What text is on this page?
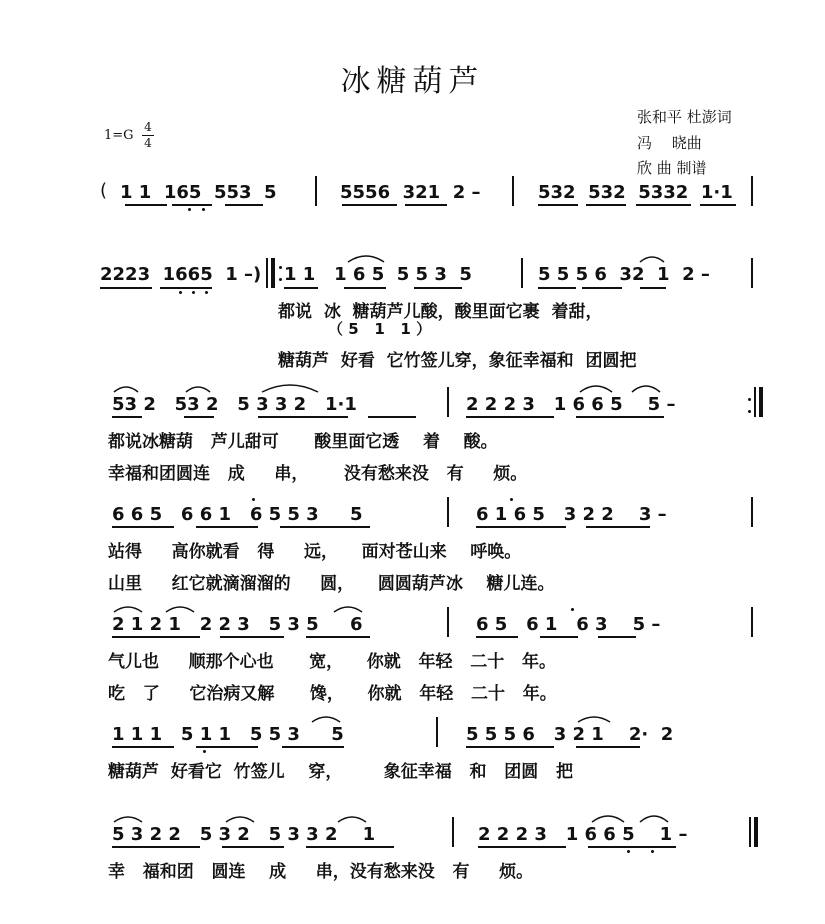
冰糖葫芦
1=G
4
4
张和平 杜澎词
冯　 晓曲
欣 曲 制谱
( 1 1  165  553  5	5556  321  2 –	532  532  5332  1·1
2223  1665  1 –) 1 1   1 6 5  5 5 3  5	5 5 5 6  32  1  2 –
都说  冰  糖葫芦儿酸，酸里面它裹  着甜，
（ 5   1   1 ）
糖葫芦  好看  它竹签儿穿，象征幸福和  团圆把
53 2   53 2   5 3 3 2   1·1	2 2 2 3   1 6 6 5    5 –
都说冰糖葫   芦儿甜可      酸里面它透    着    酸。
幸福和团圆连   成     串，      没有愁来没   有     烦。
6 6 5   6 6 1   6 5 5 3     5	6 1 6 5   3 2 2    3 –
站得     高你就看   得     远，    面对苍山来    呼唤。
山里     红它就滴溜溜的     圆，    圆圆葫芦冰    糖儿连。
2 1 2 1   2 2 3   5 3 5     6	6 5   6 1   6 3    5 –
气儿也     顺那个心也      宽，    你就   年轻   二十   年。
吃   了     它治病又解      馋，    你就   年轻   二十   年。
1 1 1   5 1 1   5 5 3     5	5 5 5 6   3 2 1    2·  2
糖葫芦  好看它  竹签儿    穿，       象征幸福   和   团圆   把
5 3 2 2   5 3 2   5 3 3 2    1	2 2 2 3   1 6 6 5    1 –
幸   福和团   圆连    成     串，没有愁来没   有     烦。
